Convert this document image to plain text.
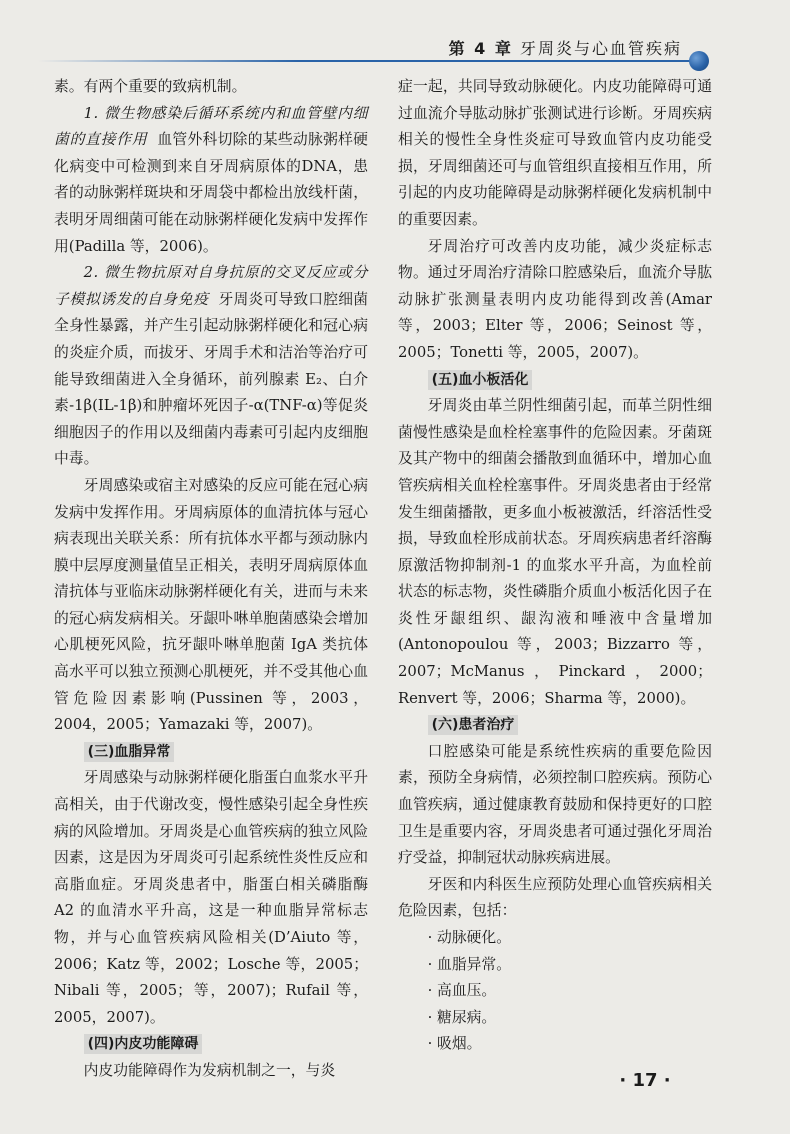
第 4 章 牙周炎与心血管疾病

素。有两个重要的致病机制。

1. 微生物感染后循环系统内和血管壁内细菌的直接作用 血管外科切除的某些动脉粥样硬化病变中可检测到来自牙周病原体的DNA，患者的动脉粥样斑块和牙周袋中都检出放线杆菌，表明牙周细菌可能在动脉粥样硬化发病中发挥作用(Padilla 等，2006)。

2. 微生物抗原对自身抗原的交叉反应或分子模拟诱发的自身免疫 牙周炎可导致口腔细菌全身性暴露，并产生引起动脉粥样硬化和冠心病的炎症介质，而拔牙、牙周手术和洁治等治疗可能导致细菌进入全身循环，前列腺素 E₂、白介素-1β(IL-1β)和肿瘤坏死因子-α(TNF-α)等促炎细胞因子的作用以及细菌内毒素可引起内皮细胞中毒。

牙周感染或宿主对感染的反应可能在冠心病发病中发挥作用。牙周病原体的血清抗体与冠心病表现出关联关系：所有抗体水平都与颈动脉内膜中层厚度测量值呈正相关，表明牙周病原体血清抗体与亚临床动脉粥样硬化有关，进而与未来的冠心病发病相关。牙龈卟啉单胞菌感染会增加心肌梗死风险，抗牙龈卟啉单胞菌 IgA 类抗体高水平可以独立预测心肌梗死，并不受其他心血管危险因素影响(Pussinen 等，2003，2004，2005；Yamazaki 等，2007)。

(三)血脂异常

牙周感染与动脉粥样硬化脂蛋白血浆水平升高相关，由于代谢改变，慢性感染引起全身性疾病的风险增加。牙周炎是心血管疾病的独立风险因素，这是因为牙周炎可引起系统性炎性反应和高脂血症。牙周炎患者中，脂蛋白相关磷脂酶 A2 的血清水平升高，这是一种血脂异常标志物，并与心血管疾病风险相关(D’Aiuto 等，2006；Katz 等，2002；Losche 等，2005；Nibali 等，2005；等，2007)；Rufail 等，2005，2007)。

(四)内皮功能障碍

内皮功能障碍作为发病机制之一，与炎

症一起，共同导致动脉硬化。内皮功能障碍可通过血流介导肱动脉扩张测试进行诊断。牙周疾病相关的慢性全身性炎症可导致血管内皮功能受损，牙周细菌还可与血管组织直接相互作用，所引起的内皮功能障碍是动脉粥样硬化发病机制中的重要因素。

牙周治疗可改善内皮功能，减少炎症标志物。通过牙周治疗清除口腔感染后，血流介导肱动脉扩张测量表明内皮功能得到改善(Amar 等，2003；Elter 等，2006；Seinost 等，2005；Tonetti 等，2005，2007)。

(五)血小板活化

牙周炎由革兰阴性细菌引起，而革兰阴性细菌慢性感染是血栓栓塞事件的危险因素。牙菌斑及其产物中的细菌会播散到血循环中，增加心血管疾病相关血栓栓塞事件。牙周炎患者由于经常发生细菌播散，更多血小板被激活，纤溶活性受损，导致血栓形成前状态。牙周疾病患者纤溶酶原激活物抑制剂-1 的血浆水平升高，为血栓前状态的标志物，炎性磷脂介质血小板活化因子在炎性牙龈组织、龈沟液和唾液中含量增加(Antonopoulou 等，2003；Bizzarro 等，2007；McManus，Pinckard，2000；Renvert 等，2006；Sharma 等，2000)。

(六)患者治疗

口腔感染可能是系统性疾病的重要危险因素，预防全身病情，必须控制口腔疾病。预防心血管疾病，通过健康教育鼓励和保持更好的口腔卫生是重要内容，牙周炎患者可通过强化牙周治疗受益，抑制冠状动脉疾病进展。

牙医和内科医生应预防处理心血管疾病相关危险因素，包括：

· 动脉硬化。
· 血脂异常。
· 高血压。
· 糖尿病。
· 吸烟。
· 17 ·
